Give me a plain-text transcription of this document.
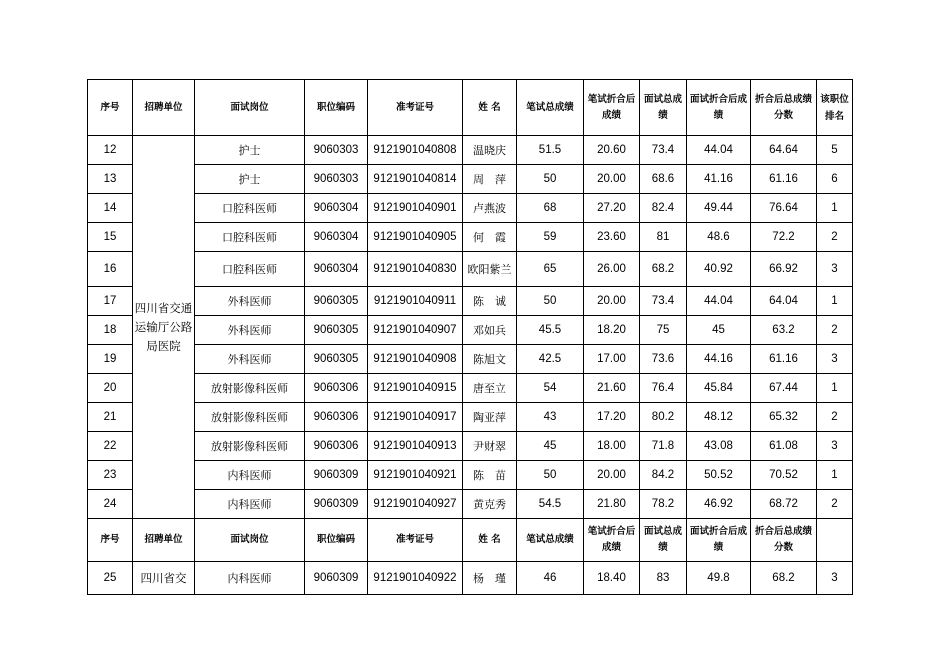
序号	招聘单位	面试岗位	职位编码	准考证号	姓 名	笔试总成绩	笔试折合后成绩	面试总成绩	面试折合后成绩	折合后总成绩分数	该职位排名
12	四川省交通运输厅公路局医院	护士	9060303	9121901040808	温晓庆	51.5	20.60	73.4	44.04	64.64	5
13		护士	9060303	9121901040814	周　萍	50	20.00	68.6	41.16	61.16	6
14		口腔科医师	9060304	9121901040901	卢燕波	68	27.20	82.4	49.44	76.64	1
15		口腔科医师	9060304	9121901040905	何　霞	59	23.60	81	48.6	72.2	2
16		口腔科医师	9060304	9121901040830	欧阳紫兰	65	26.00	68.2	40.92	66.92	3
17		外科医师	9060305	9121901040911	陈　诚	50	20.00	73.4	44.04	64.04	1
18		外科医师	9060305	9121901040907	邓如兵	45.5	18.20	75	45	63.2	2
19		外科医师	9060305	9121901040908	陈旭文	42.5	17.00	73.6	44.16	61.16	3
20		放射影像科医师	9060306	9121901040915	唐至立	54	21.60	76.4	45.84	67.44	1
21		放射影像科医师	9060306	9121901040917	陶亚萍	43	17.20	80.2	48.12	65.32	2
22		放射影像科医师	9060306	9121901040913	尹财翠	45	18.00	71.8	43.08	61.08	3
23		内科医师	9060309	9121901040921	陈　苗	50	20.00	84.2	50.52	70.52	1
24		内科医师	9060309	9121901040927	黄克秀	54.5	21.80	78.2	46.92	68.72	2
序号	招聘单位	面试岗位	职位编码	准考证号	姓 名	笔试总成绩	笔试折合后成绩	面试总成绩	面试折合后成绩	折合后总成绩分数	
25	四川省交	内科医师	9060309	9121901040922	杨　瑾	46	18.40	83	49.8	68.2	3
